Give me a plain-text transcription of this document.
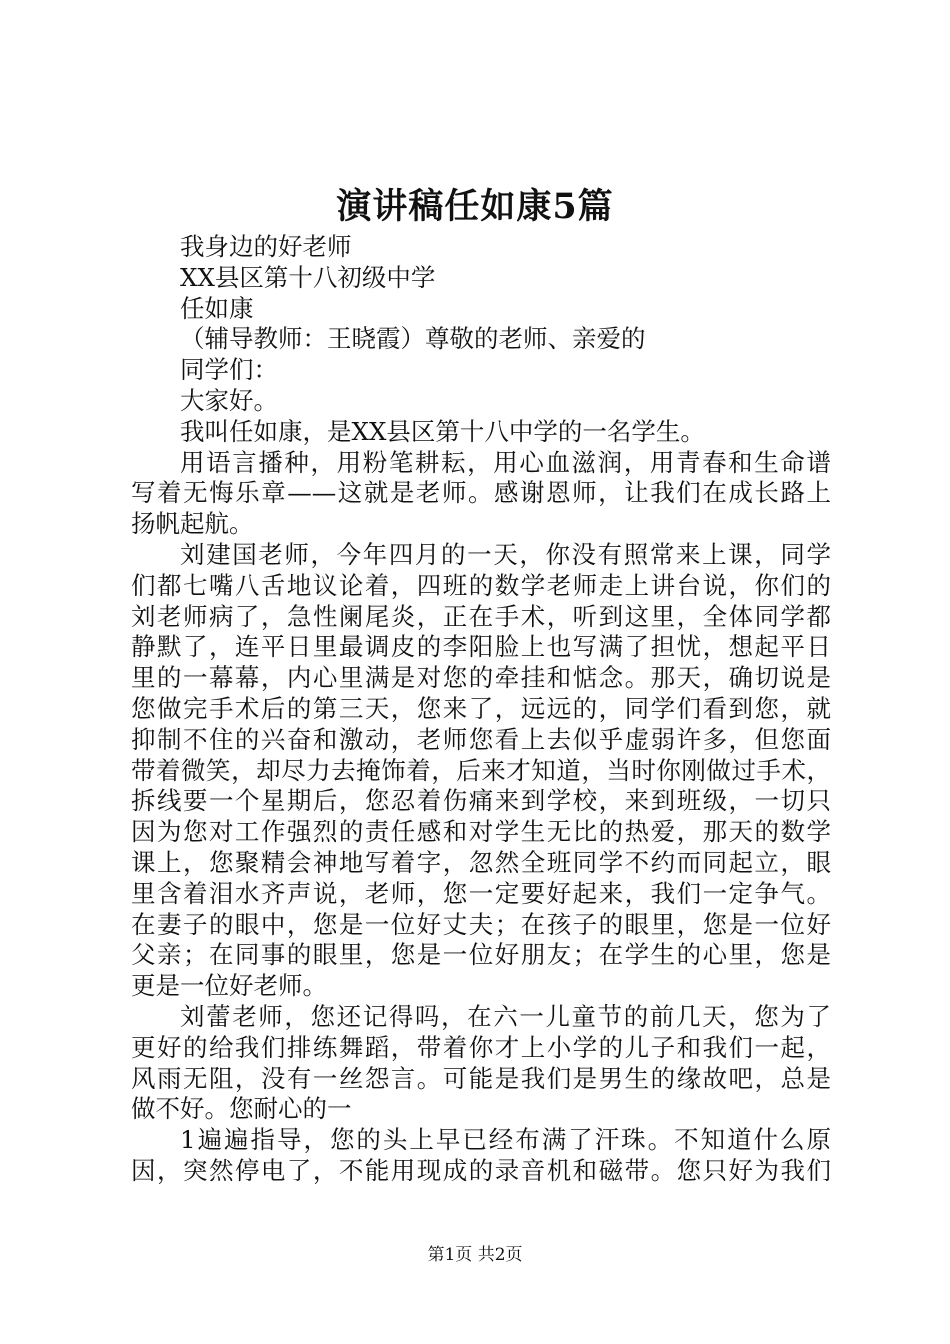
演讲稿任如康5篇
我身边的好老师
XX县区第十八初级中学
任如康
（辅导教师：王晓霞）尊敬的老师、亲爱的
同学们：
大家好。
我叫任如康，是XX县区第十八中学的一名学生。
用语言播种，用粉笔耕耘，用心血滋润，用青春和生命谱
写着无悔乐章——这就是老师。感谢恩师，让我们在成长路上
扬帆起航。
刘建国老师，今年四月的一天，你没有照常来上课，同学
们都七嘴八舌地议论着，四班的数学老师走上讲台说，你们的
刘老师病了，急性阑尾炎，正在手术，听到这里，全体同学都
静默了，连平日里最调皮的李阳脸上也写满了担忧，想起平日
里的一幕幕，内心里满是对您的牵挂和惦念。那天，确切说是
您做完手术后的第三天，您来了，远远的，同学们看到您，就
抑制不住的兴奋和激动，老师您看上去似乎虚弱许多，但您面
带着微笑，却尽力去掩饰着，后来才知道，当时你刚做过手术，
拆线要一个星期后，您忍着伤痛来到学校，来到班级，一切只
因为您对工作强烈的责任感和对学生无比的热爱，那天的数学
课上，您聚精会神地写着字，忽然全班同学不约而同起立，眼
里含着泪水齐声说，老师，您一定要好起来，我们一定争气。
在妻子的眼中，您是一位好丈夫；在孩子的眼里，您是一位好
父亲；在同事的眼里，您是一位好朋友；在学生的心里，您是
更是一位好老师。
刘蕾老师，您还记得吗，在六一儿童节的前几天，您为了
更好的给我们排练舞蹈，带着你才上小学的儿子和我们一起，
风雨无阻，没有一丝怨言。可能是我们是男生的缘故吧，总是
做不好。您耐心的一
1遍遍指导，您的头上早已经布满了汗珠。不知道什么原
因，突然停电了，不能用现成的录音机和磁带。您只好为我们
第1页 共2页
